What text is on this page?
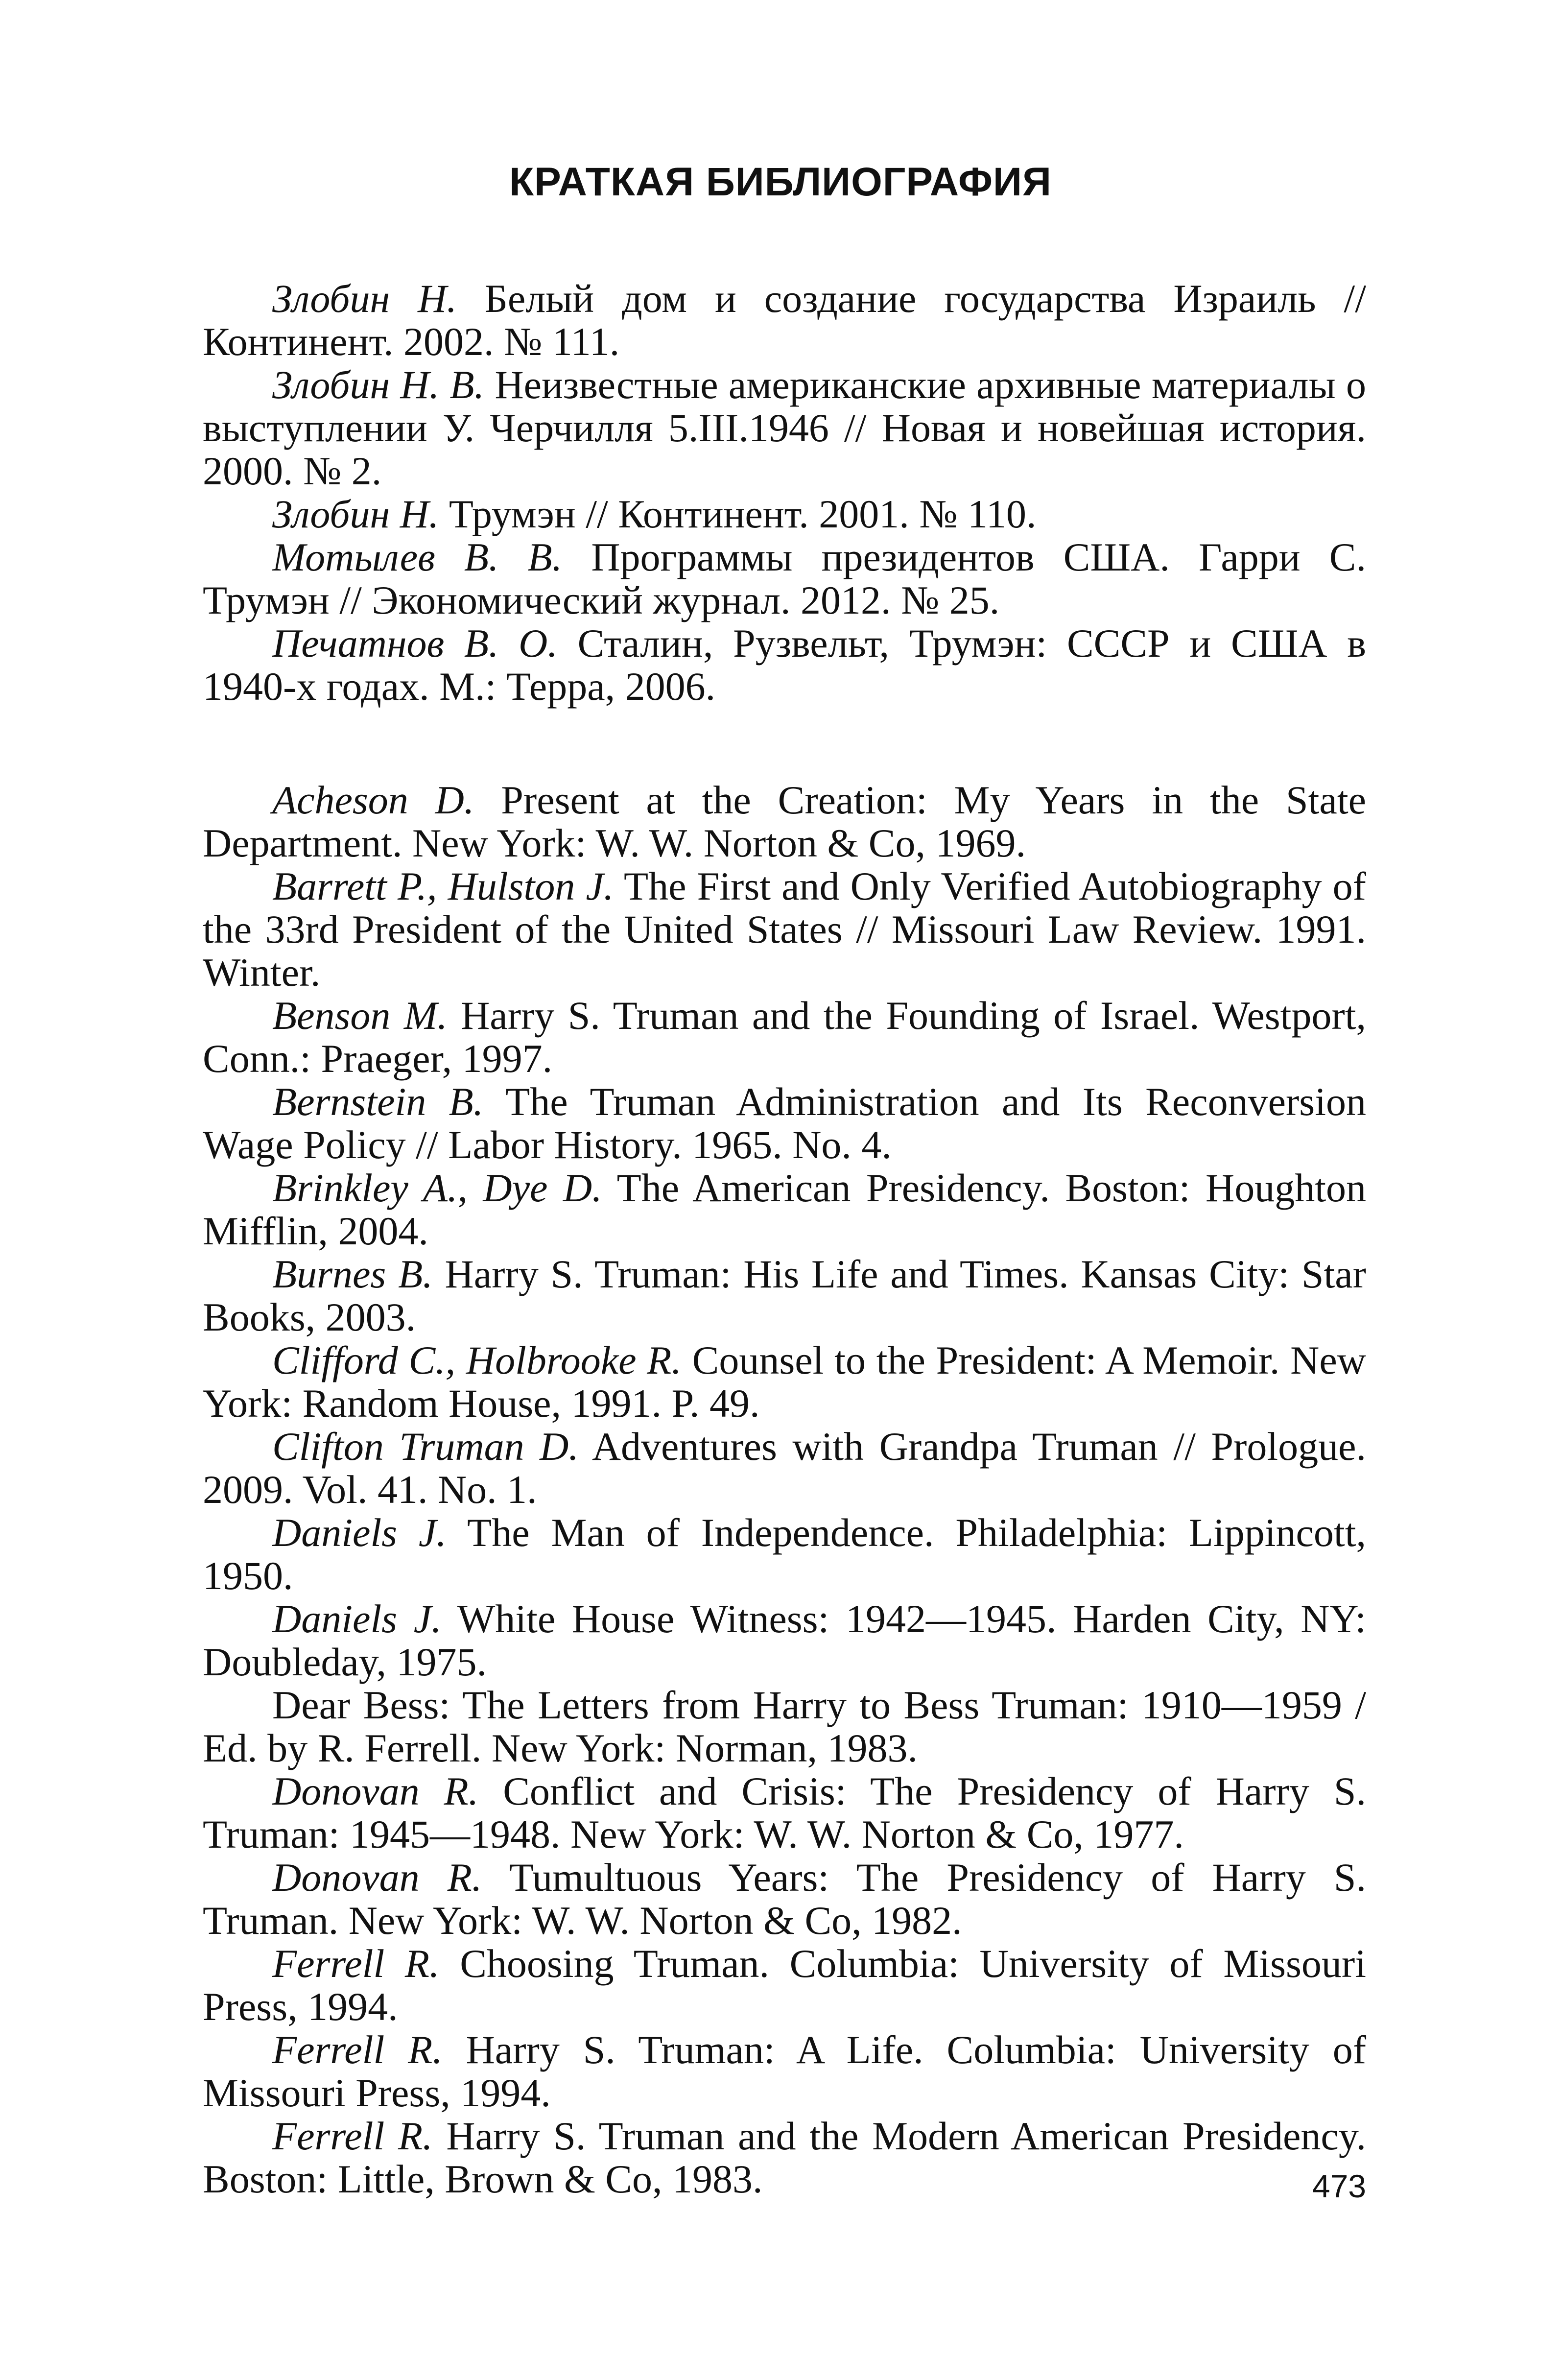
КРАТКАЯ БИБЛИОГРАФИЯ

Злобин Н. Белый дом и создание государства Израиль // Континент. 2002. № 111.

Злобин Н. В. Неизвестные американские архивные материалы о выступлении У. Черчилля 5.III.1946 // Новая и новейшая история. 2000. № 2.

Злобин Н. Трумэн // Континент. 2001. № 110.

Мотылев В. В. Программы президентов США. Гарри С. Трумэн // Экономический журнал. 2012. № 25.

Печатнов В. О. Сталин, Рузвельт, Трумэн: СССР и США в 1940-х годах. М.: Терра, 2006.

Acheson D. Present at the Creation: My Years in the State Department. New York: W. W. Norton & Co, 1969.

Barrett P., Hulston J. The First and Only Verified Autobiography of the 33rd President of the United States // Missouri Law Review. 1991. Winter.

Benson M. Harry S. Truman and the Founding of Israel. Westport, Conn.: Praeger, 1997.

Bernstein B. The Truman Administration and Its Reconversion Wage Policy // Labor History. 1965. No. 4.

Brinkley A., Dye D. The American Presidency. Boston: Houghton Mifflin, 2004.

Burnes B. Harry S. Truman: His Life and Times. Kansas City: Star Books, 2003.

Clifford C., Holbrooke R. Counsel to the President: A Memoir. New York: Random House, 1991. P. 49.

Clifton Truman D. Adventures with Grandpa Truman // Prologue. 2009. Vol. 41. No. 1.

Daniels J. The Man of Independence. Philadelphia: Lippincott, 1950.

Daniels J. White House Witness: 1942—1945. Harden City, NY: Doubleday, 1975.

Dear Bess: The Letters from Harry to Bess Truman: 1910—1959 / Ed. by R. Ferrell. New York: Norman, 1983.

Donovan R. Conflict and Crisis: The Presidency of Harry S. Truman: 1945—1948. New York: W. W. Norton & Co, 1977.

Donovan R. Tumultuous Years: The Presidency of Harry S. Truman. New York: W. W. Norton & Co, 1982.

Ferrell R. Choosing Truman. Columbia: University of Missouri Press, 1994.

Ferrell R. Harry S. Truman: A Life. Columbia: University of Missouri Press, 1994.

Ferrell R. Harry S. Truman and the Modern American Presidency. Boston: Little, Brown & Co, 1983.	473
